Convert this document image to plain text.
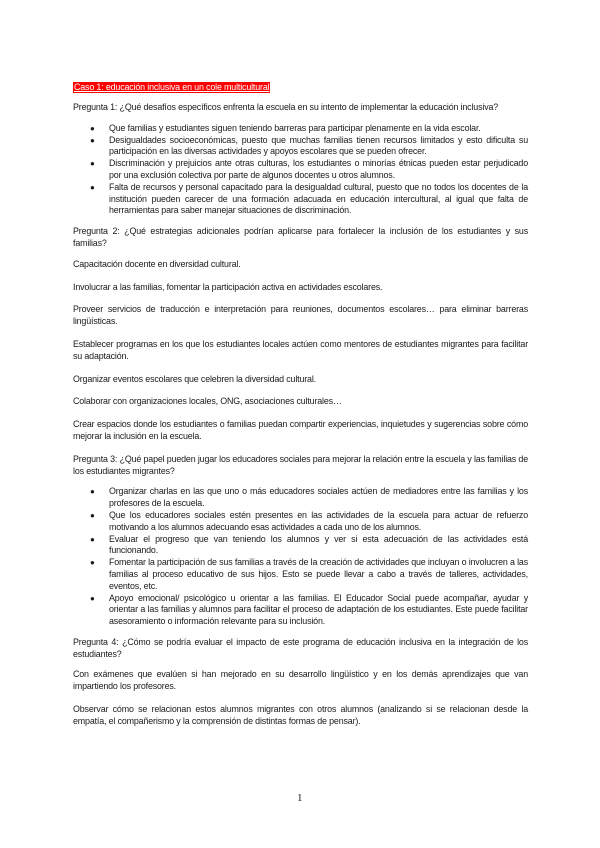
Caso 1: educación inclusiva en un cole multicultural
Pregunta 1: ¿Qué desafíos específicos enfrenta la escuela en su intento de implementar la educación inclusiva?
● Que familias y estudiantes siguen teniendo barreras para participar plenamente en la vida escolar.
● Desigualdades socioeconómicas, puesto que muchas familias tienen recursos limitados y esto dificulta su participación en las diversas actividades y apoyos escolares que se pueden ofrecer.
● Discriminación y prejuicios ante otras culturas, los estudiantes o minorías étnicas pueden estar perjudicado por una exclusión colectiva por parte de algunos docentes u otros alumnos.
● Falta de recursos y personal capacitado para la desigualdad cultural, puesto que no todos los docentes de la institución pueden carecer de una formación adacuada en educación intercultural, al igual que falta de herramientas para saber manejar situaciones de discriminación.
Pregunta 2: ¿Qué estrategias adicionales podrían aplicarse para fortalecer la inclusión de los estudiantes y sus familias?
Capacitación docente en diversidad cultural.
Involucrar a las familias, fomentar la participación activa en actividades escolares.
Proveer servicios de traducción e interpretación para reuniones, documentos escolares… para eliminar barreras lingüísticas.
Establecer programas en los que los estudiantes locales actúen como mentores de estudiantes migrantes para facilitar su adaptación.
Organizar eventos escolares que celebren la diversidad cultural.
Colaborar con organizaciones locales, ONG, asociaciones culturales…
Crear espacios donde los estudiantes o familias puedan compartir experiencias, inquietudes y sugerencias sobre cómo mejorar la inclusión en la escuela.
Pregunta 3: ¿Qué papel pueden jugar los educadores sociales para mejorar la relación entre la escuela y las familias de los estudiantes migrantes?
● Organizar charlas en las que uno o más educadores sociales actúen de mediadores entre las familias y los profesores de la escuela.
● Que los educadores sociales estén presentes en las actividades de la escuela para actuar de refuerzo motivando a los alumnos adecuando esas actividades a cada uno de los alumnos.
● Evaluar el progreso que van teniendo los alumnos y ver si esta adecuación de las actividades está funcionando.
● Fomentar la participación de sus familias a través de la creación de actividades que incluyan o involucren a las familias al proceso educativo de sus hijos. Esto se puede llevar a cabo a través de talleres, actividades, eventos, etc.
● Apoyo emocional/ psicológico u orientar a las familias. El Educador Social puede acompañar, ayudar y orientar a las familias y alumnos para facilitar el proceso de adaptación de los estudiantes. Este puede facilitar asesoramiento o información relevante para su inclusión.
Pregunta 4: ¿Cómo se podría evaluar el impacto de este programa de educación inclusiva en la integración de los estudiantes?
Con exámenes que evalúen si han mejorado en su desarrollo lingüístico y en los demás aprendizajes que van impartiendo los profesores.
Observar cómo se relacionan estos alumnos migrantes con otros alumnos (analizando si se relacionan desde la empatía, el compañerismo y la comprensión de distintas formas de pensar).
1
